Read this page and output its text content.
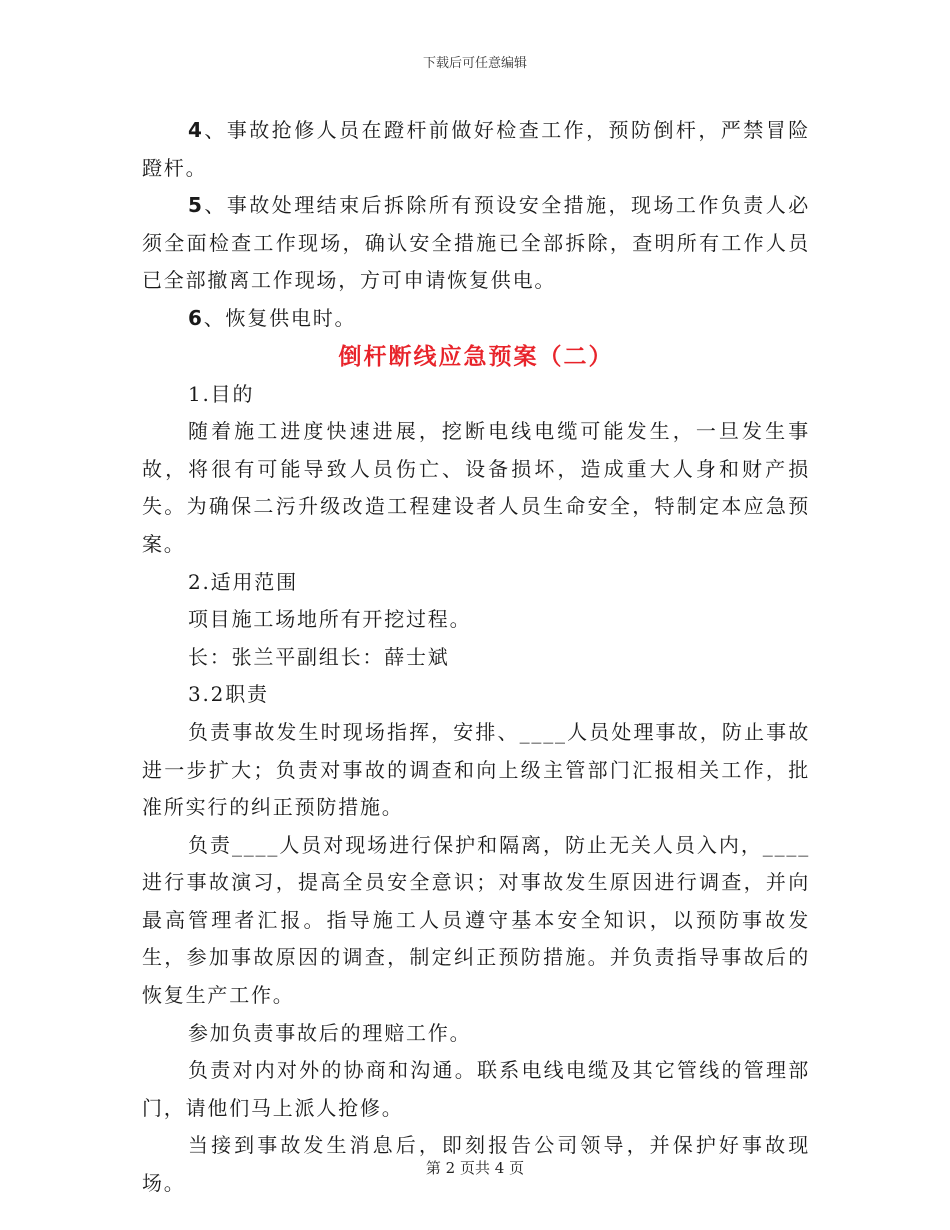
下载后可任意编辑

4、事故抢修人员在蹬杆前做好检查工作，预防倒杆，严禁冒险蹬杆。

5、事故处理结束后拆除所有预设安全措施，现场工作负责人必须全面检查工作现场，确认安全措施已全部拆除，查明所有工作人员已全部撤离工作现场，方可申请恢复供电。

6、恢复供电时。

倒杆断线应急预案（二）

1.目的

随着施工进度快速进展，挖断电线电缆可能发生，一旦发生事故，将很有可能导致人员伤亡、设备损坏，造成重大人身和财产损失。为确保二污升级改造工程建设者人员生命安全，特制定本应急预案。

2.适用范围

项目施工场地所有开挖过程。

长：张兰平副组长：薛士斌

3.2职责

负责事故发生时现场指挥，安排、____人员处理事故，防止事故进一步扩大；负责对事故的调查和向上级主管部门汇报相关工作，批准所实行的纠正预防措施。

负责____人员对现场进行保护和隔离，防止无关人员入内，____进行事故演习，提高全员安全意识；对事故发生原因进行调查，并向最高管理者汇报。指导施工人员遵守基本安全知识，以预防事故发生，参加事故原因的调查，制定纠正预防措施。并负责指导事故后的恢复生产工作。

参加负责事故后的理赔工作。

负责对内对外的协商和沟通。联系电线电缆及其它管线的管理部门，请他们马上派人抢修。

当接到事故发生消息后，即刻报告公司领导，并保护好事故现场。

第 2 页共 4 页
